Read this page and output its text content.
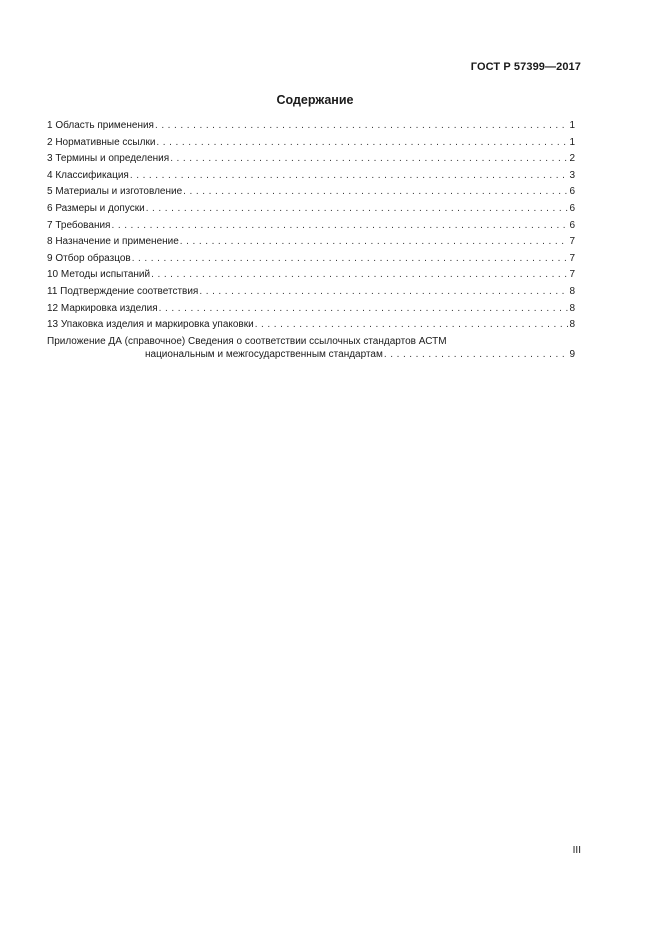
ГОСТ Р 57399—2017
Содержание
1 Область применения . . .	1
2 Нормативные ссылки . . .	1
3 Термины и определения . . .	2
4 Классификация . . .	3
5 Материалы и изготовление . . .	6
6 Размеры и допуски . . .	6
7 Требования . . .	6
8 Назначение и применение . . .	7
9 Отбор образцов . . .	7
10 Методы испытаний . . .	7
11 Подтверждение соответствия . . .	8
12 Маркировка изделия . . .	8
13 Упаковка изделия и маркировка упаковки . . .	8
Приложение ДА (справочное) Сведения о соответствии ссылочных стандартов АСТМ
национальным и межгосударственным стандартам . . .	9
III
